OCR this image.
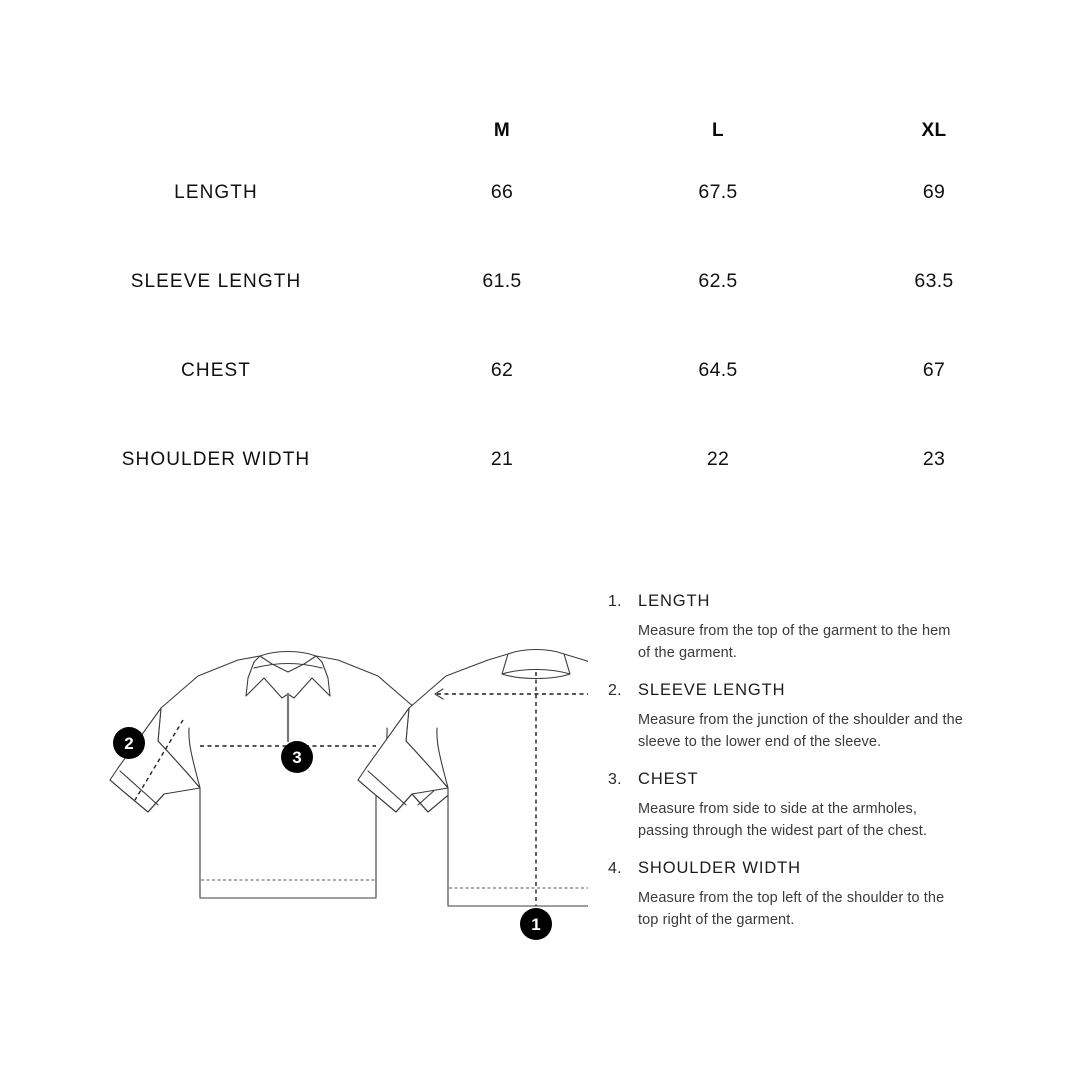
	M	L	XL
LENGTH	66	67.5	69
SLEEVE LENGTH	61.5	62.5	63.5
CHEST	62	64.5	67
SHOULDER WIDTH	21	22	23
2
3
1
1. LENGTH
Measure from the top of the garment to the hem of the garment.
2. SLEEVE LENGTH
Measure from the junction of the shoulder and the sleeve to the lower end of the sleeve.
3. CHEST
Measure from side to side at the armholes, passing through the widest part of the chest.
4. SHOULDER WIDTH
Measure from the top left of the shoulder to the top right of the garment.
